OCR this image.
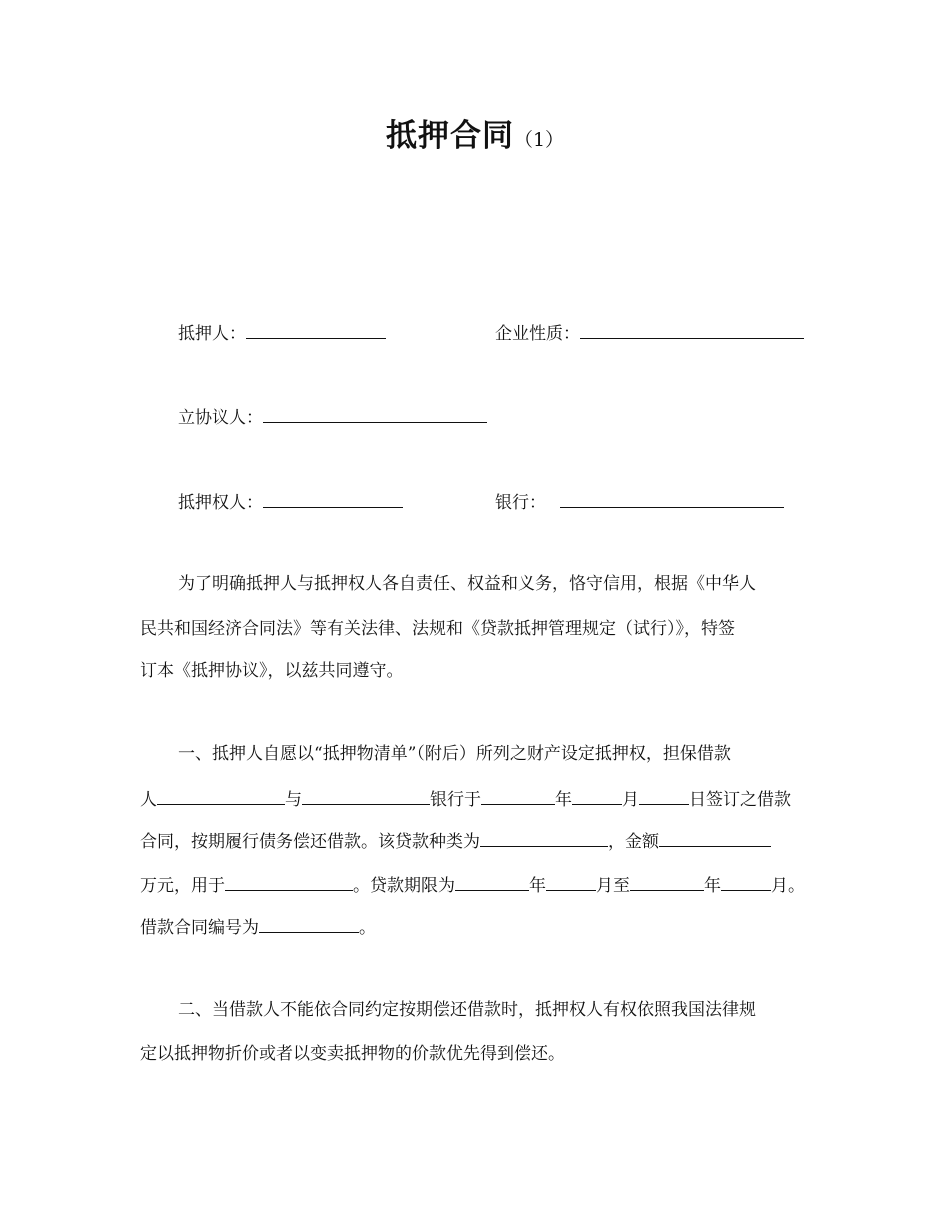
抵押合同（1）
抵押人：	企业性质：
立协议人：
抵押权人：	银行：
为了明确抵押人与抵押权人各自责任、权益和义务，恪守信用，根据《中华人
民共和国经济合同法》等有关法律、法规和《贷款抵押管理规定（试行）》，特签
订本《抵押协议》，以兹共同遵守。
一、抵押人自愿以“抵押物清单”（附后）所列之财产设定抵押权，担保借款
人	与	银行于	年	月	日签订之借款
合同，按期履行债务偿还借款。该贷款种类为	，金额
万元，用于	。贷款期限为	年	月至	年	月。
借款合同编号为	。
二、当借款人不能依合同约定按期偿还借款时，抵押权人有权依照我国法律规
定以抵押物折价或者以变卖抵押物的价款优先得到偿还。
